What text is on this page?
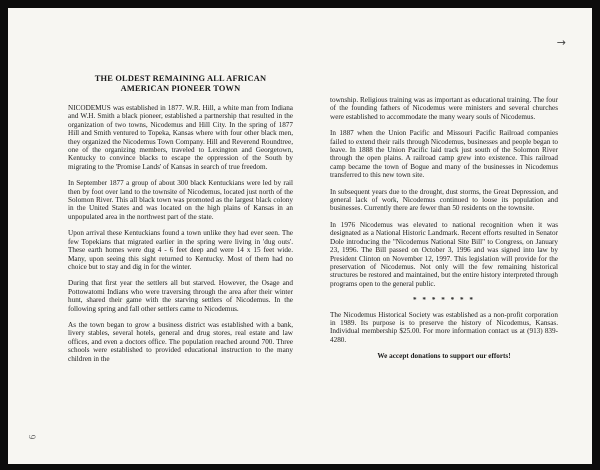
→
6
THE OLDEST REMAINING ALL AFRICAN
AMERICAN PIONEER TOWN

NICODEMUS was established in 1877. W.R. Hill, a white man from Indiana and W.H. Smith a black pioneer, established a partnership that resulted in the organization of two towns, Nicodemus and Hill City. In the spring of 1877 Hill and Smith ventured to Topeka, Kansas where with four other black men, they organized the Nicodemus Town Company. Hill and Reverend Roundtree, one of the organizing members, traveled to Lexington and Georgetown, Kentucky to convince blacks to escape the oppression of the South by migrating to the 'Promise Lands' of Kansas in search of true freedom.

In September 1877 a group of about 300 black Kentuckians were led by rail then by foot over land to the townsite of Nicodemus, located just north of the Solomon River. This all black town was promoted as the largest black colony in the United States and was located on the high plains of Kansas in an unpopulated area in the northwest part of the state.

Upon arrival these Kentuckians found a town unlike they had ever seen. The few Topekians that migrated earlier in the spring were living in 'dug outs'. These earth homes were dug 4 - 6 feet deep and were 14 x 15 feet wide. Many, upon seeing this sight returned to Kentucky. Most of them had no choice but to stay and dig in for the winter.

During that first year the settlers all but starved. However, the Osage and Pottowatomi Indians who were traversing through the area after their winter hunt, shared their game with the starving settlers of Nicodemus. In the following spring and fall other settlers came to Nicodemus.

As the town began to grow a business district was established with a bank, livery stables, several hotels, general and drug stores, real estate and law offices, and even a doctors office. The population reached around 700. Three schools were established to provided educational instruction to the many children in the

township. Religious training was as important as educational training. The four of the founding fathers of Nicodemus were ministers and several churches were established to accommodate the many weary souls of Nicodemus.

In 1887 when the Union Pacific and Missouri Pacific Railroad companies failed to extend their rails through Nicodemus, businesses and people began to leave. In 1888 the Union Pacific laid track just south of the Solomon River through the open plains. A railroad camp grew into existence. This railroad camp became the town of Bogue and many of the businesses in Nicodemus transferred to this new town site.

In subsequent years due to the drought, dust storms, the Great Depression, and general lack of work, Nicodemus continued to loose its population and businesses. Currently there are fewer than 50 residents on the townsite.

In 1976 Nicodemus was elevated to national recognition when it was designated as a National Historic Landmark. Recent efforts resulted in Senator Dole introducing the "Nicodemus National Site Bill" to Congress, on January 23, 1996. The Bill passed on October 3, 1996 and was signed into law by President Clinton on November 12, 1997. This legislation will provide for the preservation of Nicodemus. Not only will the few remaining historical structures be restored and maintained, but the entire history interpreted through programs open to the general public.

* * * * * * *

The Nicodemus Historical Society was established as a non-profit corporation in 1989. Its purpose is to preserve the history of Nicodemus, Kansas. Individual membership $25.00. For more information contact us at (913) 839-4280.

We accept donations to support our efforts!
